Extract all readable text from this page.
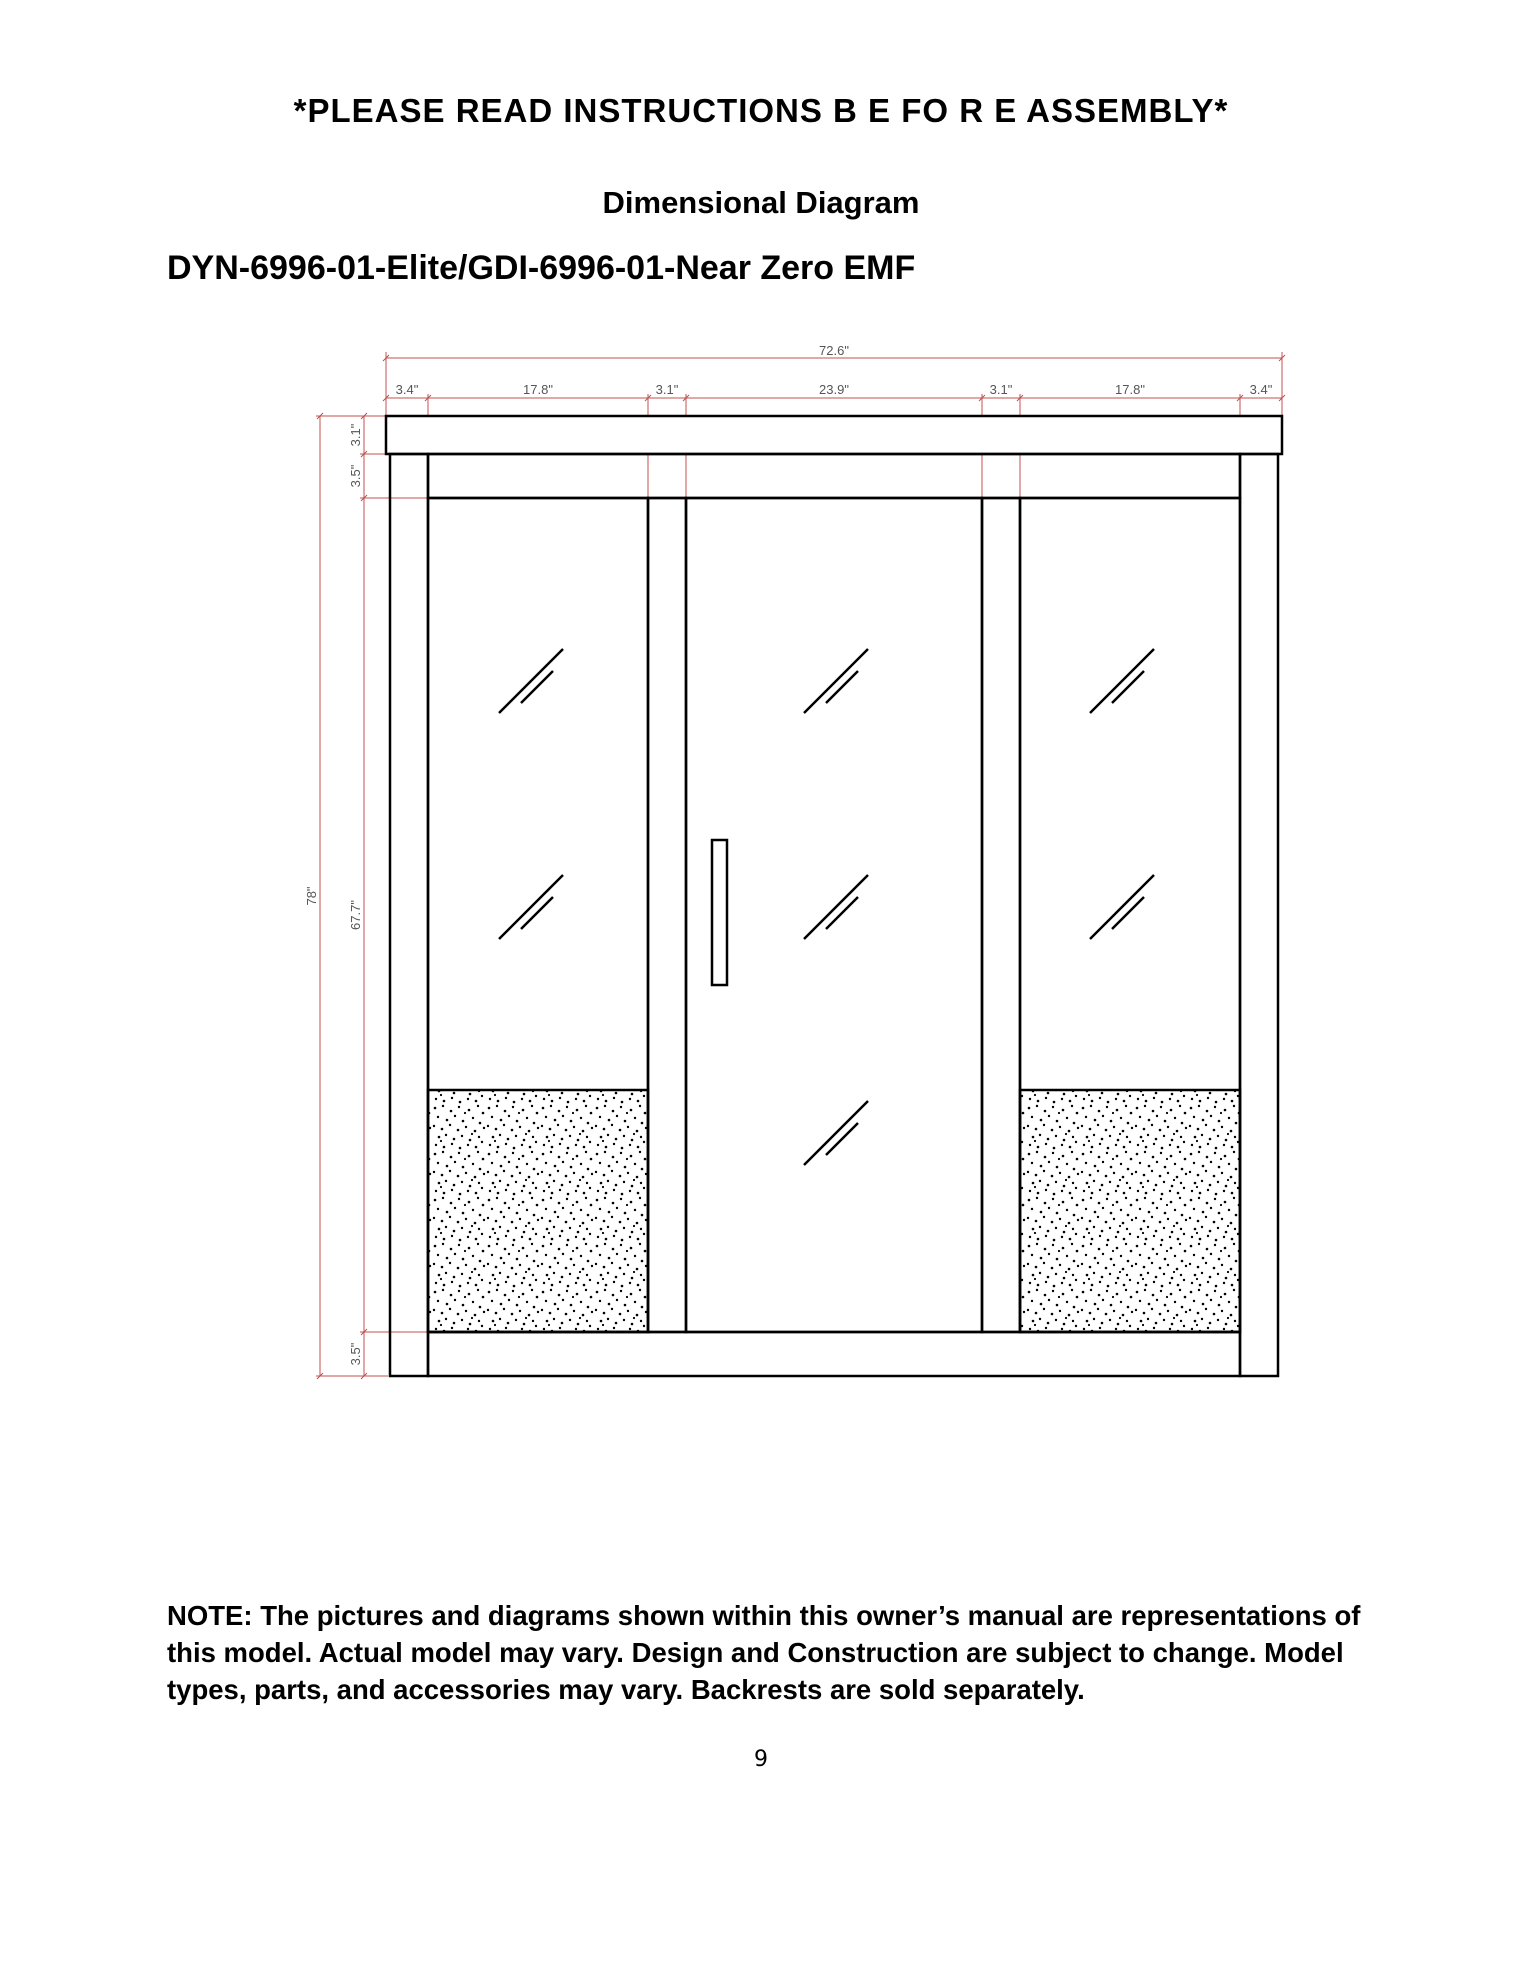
*PLEASE READ INSTRUCTIONS B E FO R E ASSEMBLY*
Dimensional Diagram
DYN-6996-01-Elite/GDI-6996-01-Near Zero EMF
72.6"
3.4"	17.8"	3.1"	23.9"	3.1"	17.8"	3.4"
78"
3.1"
3.5"
67.7"
3.5"
NOTE: The pictures and diagrams shown within this owner’s manual are representations of this model. Actual model may vary. Design and Construction are subject to change. Model types, parts, and accessories may vary. Backrests are sold separately.
9
